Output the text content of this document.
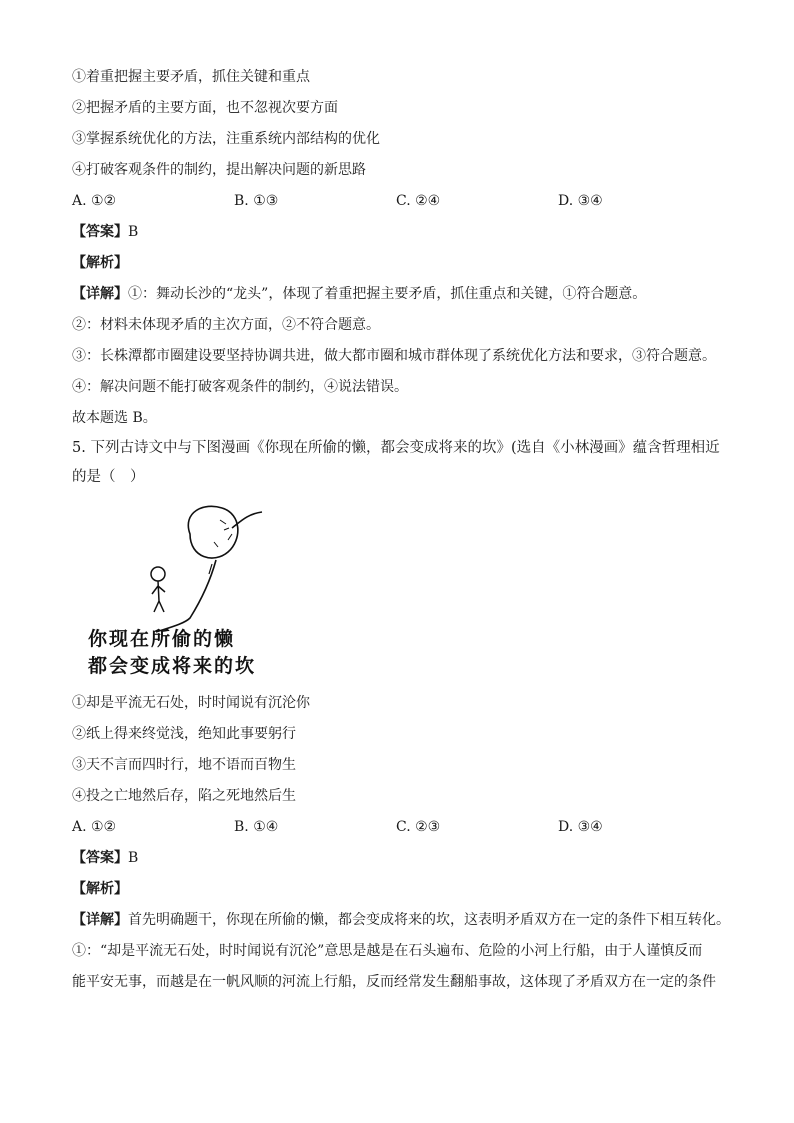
①着重把握主要矛盾，抓住关键和重点
②把握矛盾的主要方面，也不忽视次要方面
③掌握系统优化的方法，注重系统内部结构的优化
④打破客观条件的制约，提出解决问题的新思路
A. ①②	B. ①③	C. ②④	D. ③④
【答案】B
【解析】
【详解】①：舞动长沙的“龙头”，体现了着重把握主要矛盾，抓住重点和关键，①符合题意。
②：材料未体现矛盾的主次方面，②不符合题意。
③：长株潭都市圈建设要坚持协调共进，做大都市圈和城市群体现了系统优化方法和要求，③符合题意。
④：解决问题不能打破客观条件的制约，④说法错误。
故本题选 B。
5. 下列古诗文中与下图漫画《你现在所偷的懒，都会变成将来的坎》(选自《小林漫画》蕴含哲理相近的是（　）
你现在所偷的懒
都会变成将来的坎
①却是平流无石处，时时闻说有沉沦你
②纸上得来终觉浅，绝知此事要躬行
③天不言而四时行，地不语而百物生
④投之亡地然后存，陷之死地然后生
A. ①②	B. ①④	C. ②③	D. ③④
【答案】B
【解析】
【详解】首先明确题干，你现在所偷的懒，都会变成将来的坎，这表明矛盾双方在一定的条件下相互转化。
①：“却是平流无石处，时时闻说有沉沦”意思是越是在石头遍布、危险的小河上行船，由于人谨慎反而
能平安无事，而越是在一帆风顺的河流上行船，反而经常发生翻船事故，这体现了矛盾双方在一定的条件
